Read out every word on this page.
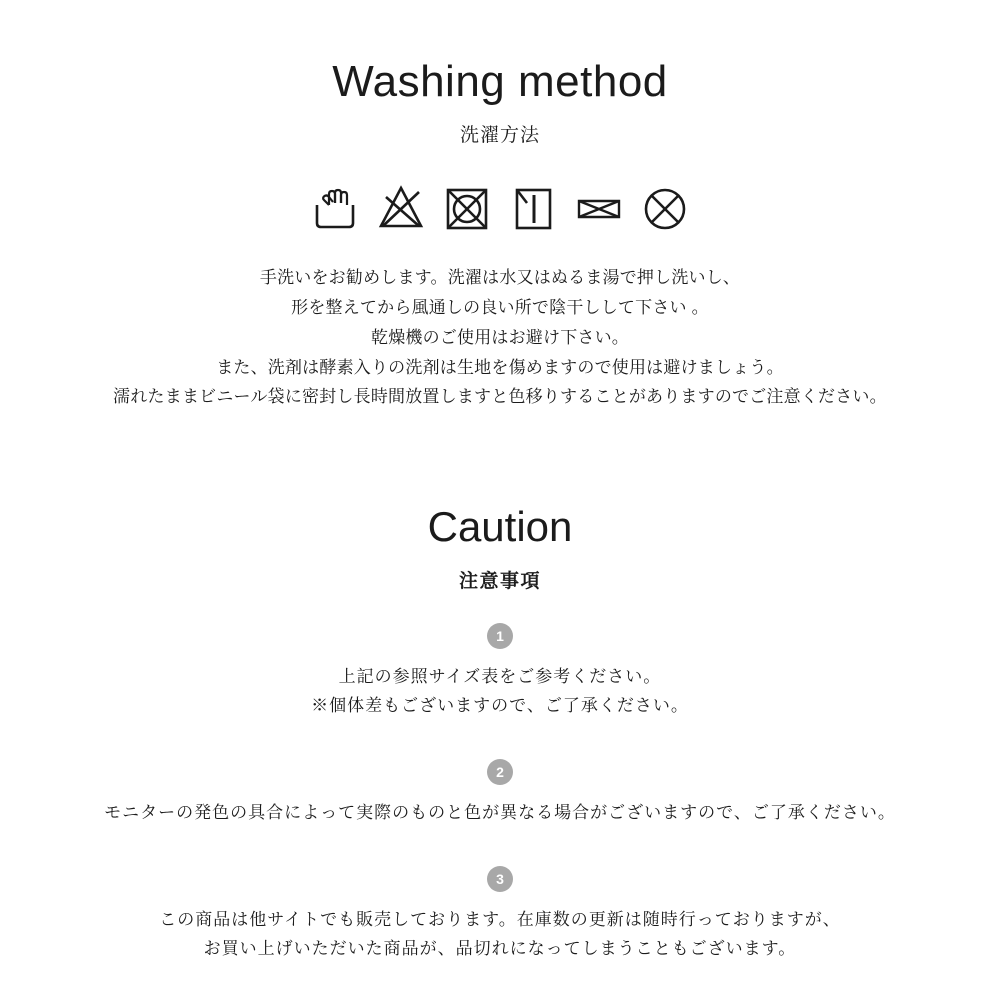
Washing method
洗濯方法
手洗いをお勧めします。洗濯は水又はぬるま湯で押し洗いし、
形を整えてから風通しの良い所で陰干しして下さい 。
乾燥機のご使用はお避け下さい。
また、洗剤は酵素入りの洗剤は生地を傷めますので使用は避けましょう。
濡れたままビニール袋に密封し長時間放置しますと色移りすることがありますのでご注意ください。
Caution
注意事項
1
上記の参照サイズ表をご参考ください。
※個体差もございますので、ご了承ください。
2
モニターの発色の具合によって実際のものと色が異なる場合がございますので、ご了承ください。
3
この商品は他サイトでも販売しております。在庫数の更新は随時行っておりますが、
お買い上げいただいた商品が、品切れになってしまうこともございます。
